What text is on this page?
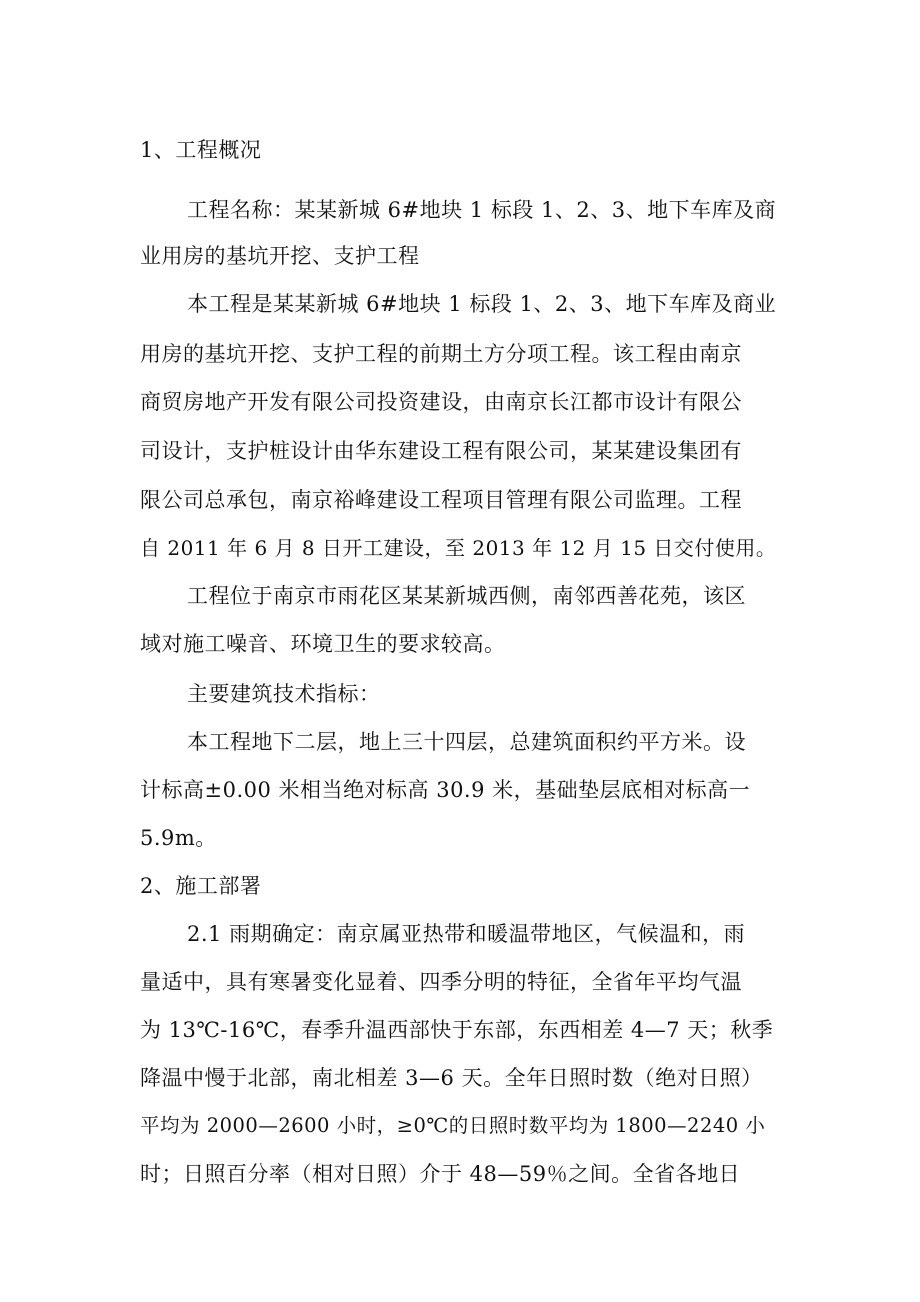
1、工程概况
工程名称：某某新城 6#地块 1 标段 1、2、3、地下车库及商
业用房的基坑开挖、支护工程
本工程是某某新城 6#地块 1 标段 1、2、3、地下车库及商业
用房的基坑开挖、支护工程的前期土方分项工程。该工程由南京
商贸房地产开发有限公司投资建设，由南京长江都市设计有限公
司设计，支护桩设计由华东建设工程有限公司，某某建设集团有
限公司总承包，南京裕峰建设工程项目管理有限公司监理。工程
自 2011 年 6 月 8 日开工建设，至 2013 年 12 月 15 日交付使用。
工程位于南京市雨花区某某新城西侧，南邻西善花苑，该区
域对施工噪音、环境卫生的要求较高。
主要建筑技术指标：
本工程地下二层，地上三十四层，总建筑面积约平方米。设
计标高±0.00 米相当绝对标高 30.9 米，基础垫层底相对标高一
5.9m。
2、施工部署
2.1 雨期确定：南京属亚热带和暖温带地区，气候温和，雨
量适中，具有寒暑变化显着、四季分明的特征，全省年平均气温
为 13℃-16℃，春季升温西部快于东部，东西相差 4—7 天；秋季
降温中慢于北部，南北相差 3—6 天。全年日照时数（绝对日照）
平均为 2000—2600 小时，≥0℃的日照时数平均为 1800—2240 小
时；日照百分率（相对日照）介于 48—59％之间。全省各地日
